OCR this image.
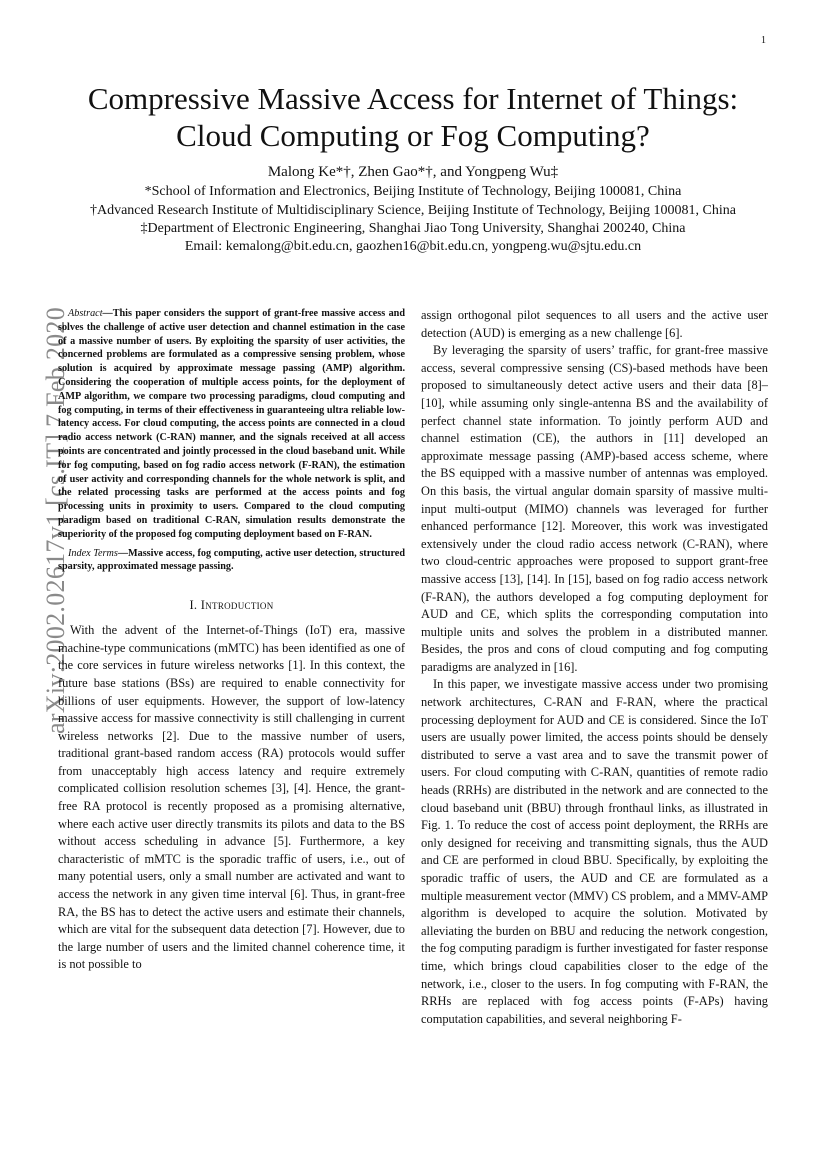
1
arXiv:2002.02617v1 [cs.IT] 7 Feb 2020
Compressive Massive Access for Internet of Things:
Cloud Computing or Fog Computing?
Malong Ke*†, Zhen Gao*†, and Yongpeng Wu‡
*School of Information and Electronics, Beijing Institute of Technology, Beijing 100081, China
†Advanced Research Institute of Multidisciplinary Science, Beijing Institute of Technology, Beijing 100081, China
‡Department of Electronic Engineering, Shanghai Jiao Tong University, Shanghai 200240, China
Email: kemalong@bit.edu.cn, gaozhen16@bit.edu.cn, yongpeng.wu@sjtu.edu.cn

Abstract—This paper considers the support of grant-free massive access and solves the challenge of active user detection and channel estimation in the case of a massive number of users. By exploiting the sparsity of user activities, the concerned problems are formulated as a compressive sensing problem, whose solution is acquired by approximate message passing (AMP) algorithm. Considering the cooperation of multiple access points, for the deployment of AMP algorithm, we compare two processing paradigms, cloud computing and fog computing, in terms of their effectiveness in guaranteeing ultra reliable low-latency access. For cloud computing, the access points are connected in a cloud radio access network (C-RAN) manner, and the signals received at all access points are concentrated and jointly processed in the cloud baseband unit. While for fog computing, based on fog radio access network (F-RAN), the estimation of user activity and corresponding channels for the whole network is split, and the related processing tasks are performed at the access points and fog processing units in proximity to users. Compared to the cloud computing paradigm based on traditional C-RAN, simulation results demonstrate the superiority of the proposed fog computing deployment based on F-RAN.

Index Terms—Massive access, fog computing, active user detection, structured sparsity, approximated message passing.

I. Introduction

With the advent of the Internet-of-Things (IoT) era, massive machine-type communications (mMTC) has been identified as one of the core services in future wireless networks [1]. In this context, the future base stations (BSs) are required to enable connectivity for billions of user equipments. However, the support of low-latency massive access for massive connectivity is still challenging in current wireless networks [2]. Due to the massive number of users, traditional grant-based random access (RA) protocols would suffer from unacceptably high access latency and require extremely complicated collision resolution schemes [3], [4]. Hence, the grant-free RA protocol is recently proposed as a promising alternative, where each active user directly transmits its pilots and data to the BS without access scheduling in advance [5]. Furthermore, a key characteristic of mMTC is the sporadic traffic of users, i.e., out of many potential users, only a small number are activated and want to access the network in any given time interval [6]. Thus, in grant-free RA, the BS has to detect the active users and estimate their channels, which are vital for the subsequent data detection [7]. However, due to the large number of users and the limited channel coherence time, it is not possible to

assign orthogonal pilot sequences to all users and the active user detection (AUD) is emerging as a new challenge [6].

By leveraging the sparsity of users’ traffic, for grant-free massive access, several compressive sensing (CS)-based methods have been proposed to simultaneously detect active users and their data [8]–[10], while assuming only single-antenna BS and the availability of perfect channel state information. To jointly perform AUD and channel estimation (CE), the authors in [11] developed an approximate message passing (AMP)-based access scheme, where the BS equipped with a massive number of antennas was employed. On this basis, the virtual angular domain sparsity of massive multi-input multi-output (MIMO) channels was leveraged for further enhanced performance [12]. Moreover, this work was investigated extensively under the cloud radio access network (C-RAN), where two cloud-centric approaches were proposed to support grant-free massive access [13], [14]. In [15], based on fog radio access network (F-RAN), the authors developed a fog computing deployment for AUD and CE, which splits the corresponding computation into multiple units and solves the problem in a distributed manner. Besides, the pros and cons of cloud computing and fog computing paradigms are analyzed in [16].

In this paper, we investigate massive access under two promising network architectures, C-RAN and F-RAN, where the practical processing deployment for AUD and CE is considered. Since the IoT users are usually power limited, the access points should be densely distributed to serve a vast area and to save the transmit power of users. For cloud computing with C-RAN, quantities of remote radio heads (RRHs) are distributed in the network and are connected to the cloud baseband unit (BBU) through fronthaul links, as illustrated in Fig. 1. To reduce the cost of access point deployment, the RRHs are only designed for receiving and transmitting signals, thus the AUD and CE are performed in cloud BBU. Specifically, by exploiting the sporadic traffic of users, the AUD and CE are formulated as a multiple measurement vector (MMV) CS problem, and a MMV-AMP algorithm is developed to acquire the solution. Motivated by alleviating the burden on BBU and reducing the network congestion, the fog computing paradigm is further investigated for faster response time, which brings cloud capabilities closer to the edge of the network, i.e., closer to the users. In fog computing with F-RAN, the RRHs are replaced with fog access points (F-APs) having computation capabilities, and several neighboring F-
